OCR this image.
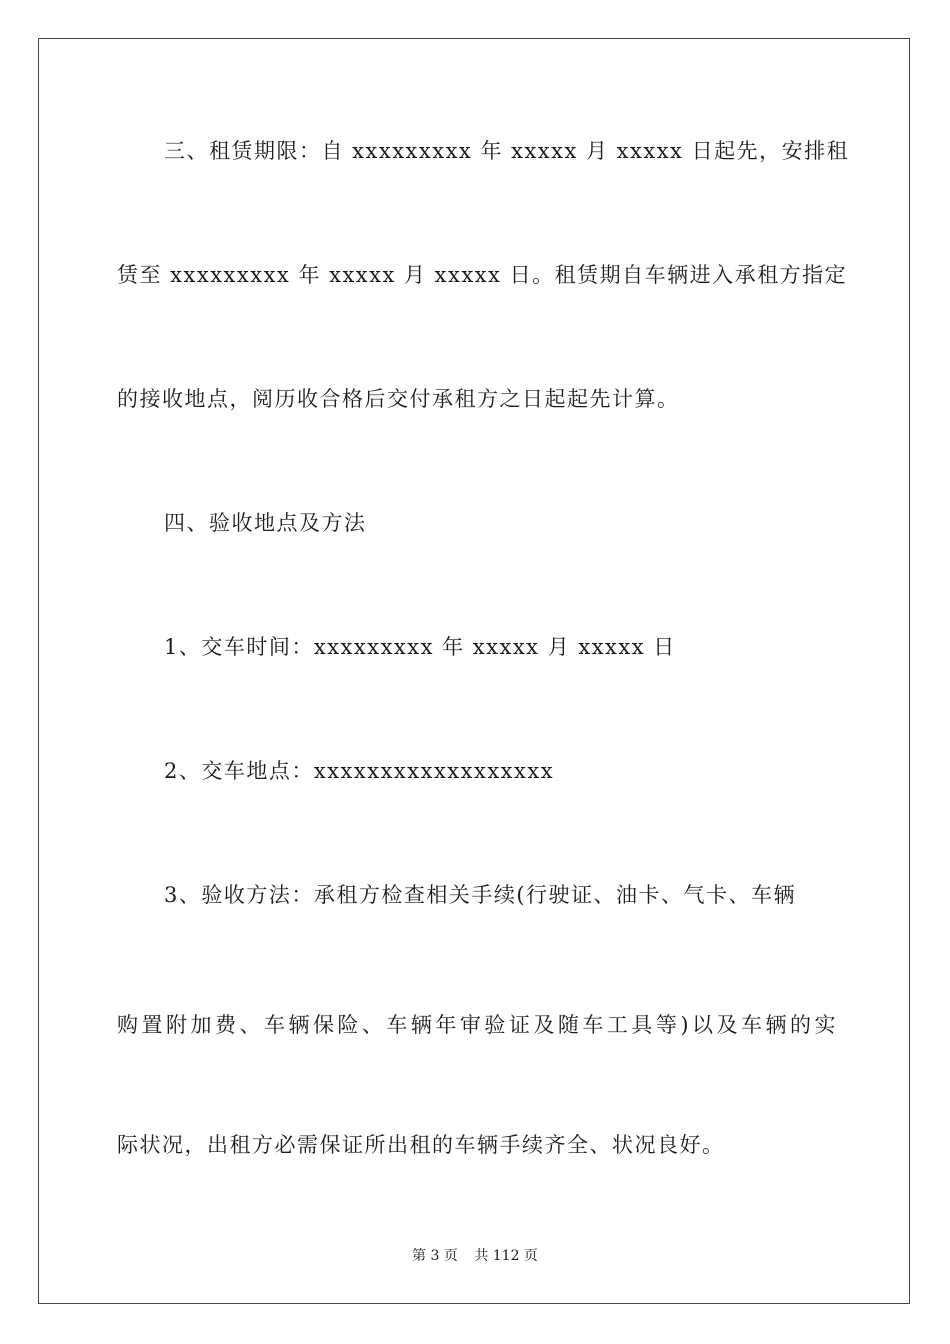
三、租赁期限：自 xxxxxxxxx 年 xxxxx 月 xxxxx 日起先，安排租
赁至 xxxxxxxxx 年 xxxxx 月 xxxxx 日。租赁期自车辆进入承租方指定
的接收地点，阅历收合格后交付承租方之日起起先计算。
四、验收地点及方法
1、交车时间：xxxxxxxxx 年 xxxxx 月 xxxxx 日
2、交车地点：xxxxxxxxxxxxxxxxxx
3、验收方法：承租方检查相关手续(行驶证、油卡、气卡、车辆
购置附加费、车辆保险、车辆年审验证及随车工具等)以及车辆的实
际状况，出租方必需保证所出租的车辆手续齐全、状况良好。
第 3 页 共 112 页
